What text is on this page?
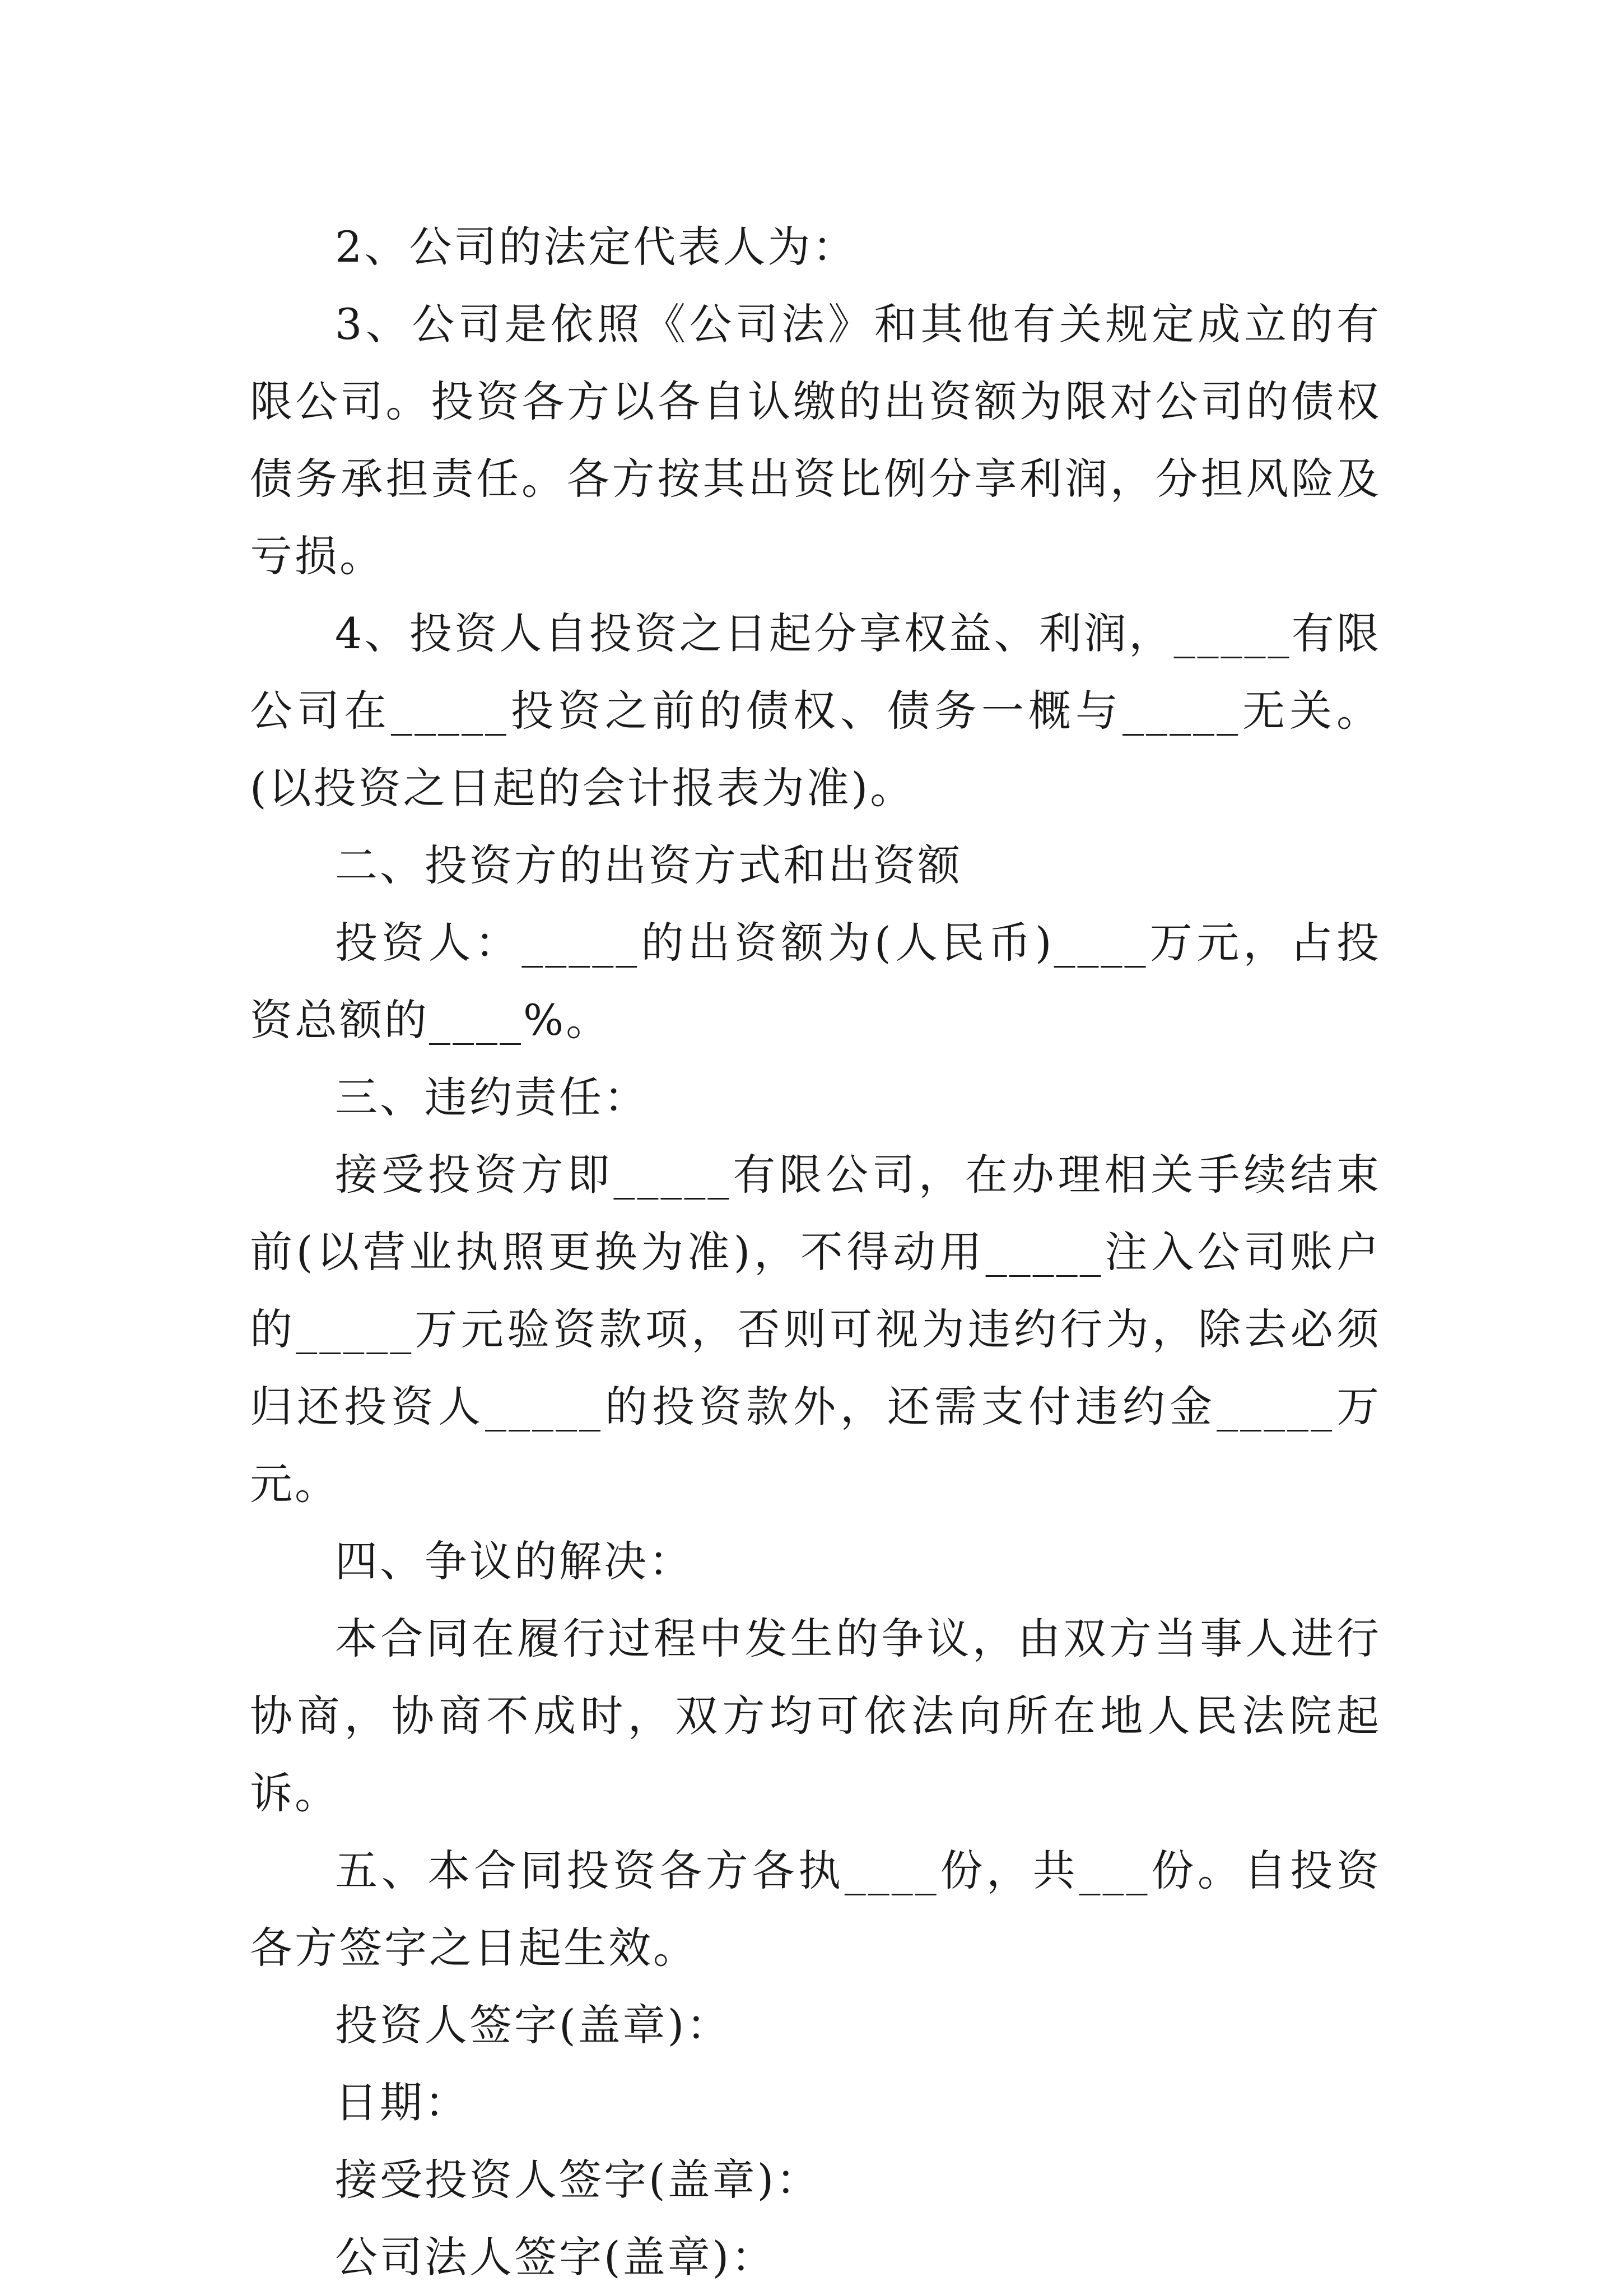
2、公司的法定代表人为：

3、公司是依照《公司法》和其他有关规定成立的有限公司。投资各方以各自认缴的出资额为限对公司的债权债务承担责任。各方按其出资比例分享利润，分担风险及亏损。

4、投资人自投资之日起分享权益、利润，_____有限公司在_____投资之前的债权、债务一概与_____无关。(以投资之日起的会计报表为准)。

二、投资方的出资方式和出资额

投资人：_____的出资额为(人民币)____万元，占投资总额的____%。

三、违约责任：

接受投资方即_____有限公司，在办理相关手续结束前(以营业执照更换为准)，不得动用_____注入公司账户的_____万元验资款项，否则可视为违约行为，除去必须归还投资人_____的投资款外，还需支付违约金_____万元。

四、争议的解决：

本合同在履行过程中发生的争议，由双方当事人进行协商，协商不成时，双方均可依法向所在地人民法院起诉。

五、本合同投资各方各执____份，共___份。自投资各方签字之日起生效。

投资人签字(盖章)：

日期：

接受投资人签字(盖章)：

公司法人签字(盖章)：
